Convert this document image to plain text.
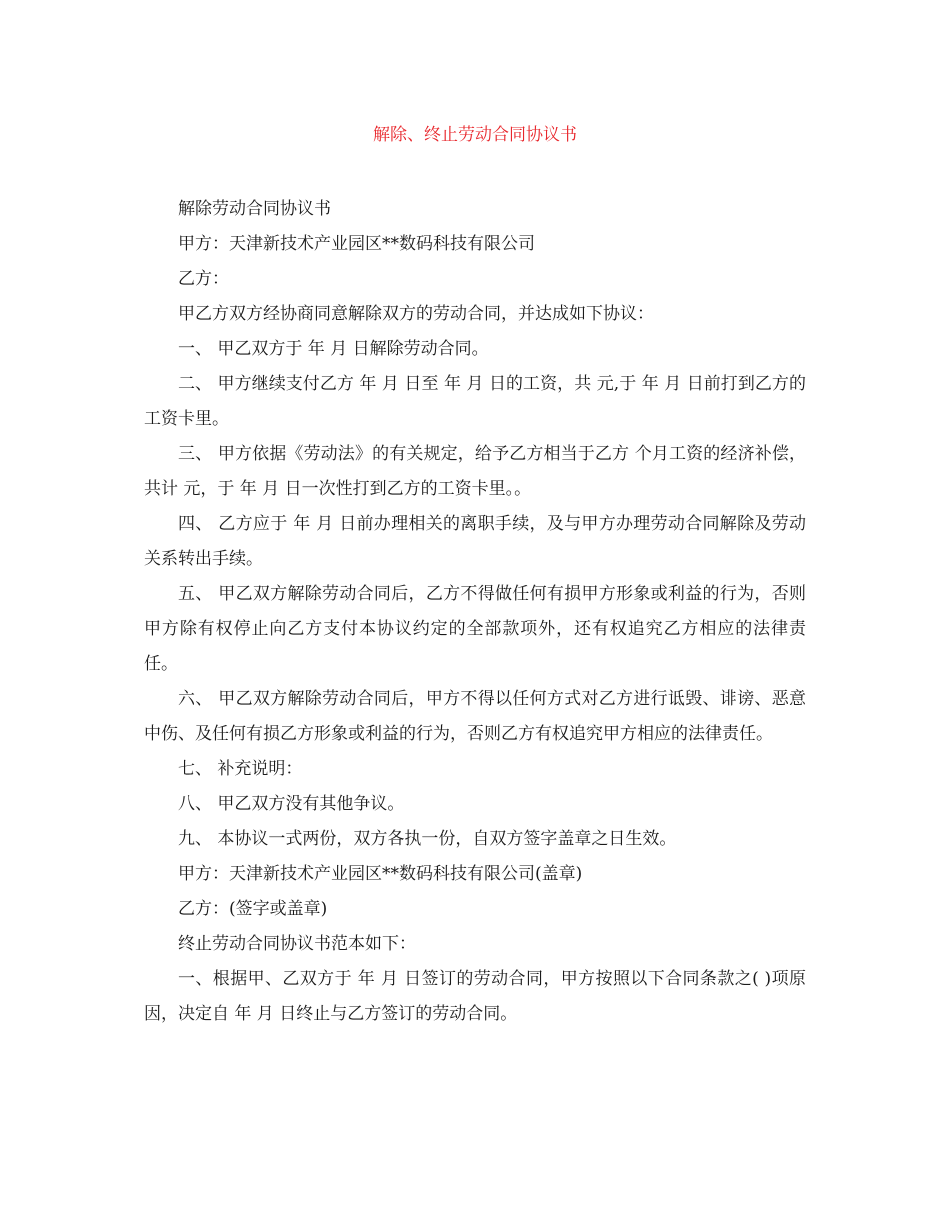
解除、终止劳动合同协议书

解除劳动合同协议书

甲方：天津新技术产业园区**数码科技有限公司

乙方：

甲乙方双方经协商同意解除双方的劳动合同，并达成如下协议：

一、 甲乙双方于 年 月 日解除劳动合同。

二、 甲方继续支付乙方 年 月 日至 年 月 日的工资，共 元,于 年 月 日前打到乙方的工资卡里。

三、 甲方依据《劳动法》的有关规定，给予乙方相当于乙方 个月工资的经济补偿，共计 元，于 年 月 日一次性打到乙方的工资卡里。。

四、 乙方应于 年 月 日前办理相关的离职手续，及与甲方办理劳动合同解除及劳动关系转出手续。

五、 甲乙双方解除劳动合同后，乙方不得做任何有损甲方形象或利益的行为，否则甲方除有权停止向乙方支付本协议约定的全部款项外，还有权追究乙方相应的法律责任。

六、 甲乙双方解除劳动合同后，甲方不得以任何方式对乙方进行诋毁、诽谤、恶意中伤、及任何有损乙方形象或利益的行为，否则乙方有权追究甲方相应的法律责任。

七、 补充说明：

八、 甲乙双方没有其他争议。

九、 本协议一式两份，双方各执一份，自双方签字盖章之日生效。

甲方：天津新技术产业园区**数码科技有限公司(盖章)

乙方：(签字或盖章)

终止劳动合同协议书范本如下：

一、根据甲、乙双方于 年 月 日签订的劳动合同，甲方按照以下合同条款之( )项原因，决定自 年 月 日终止与乙方签订的劳动合同。
